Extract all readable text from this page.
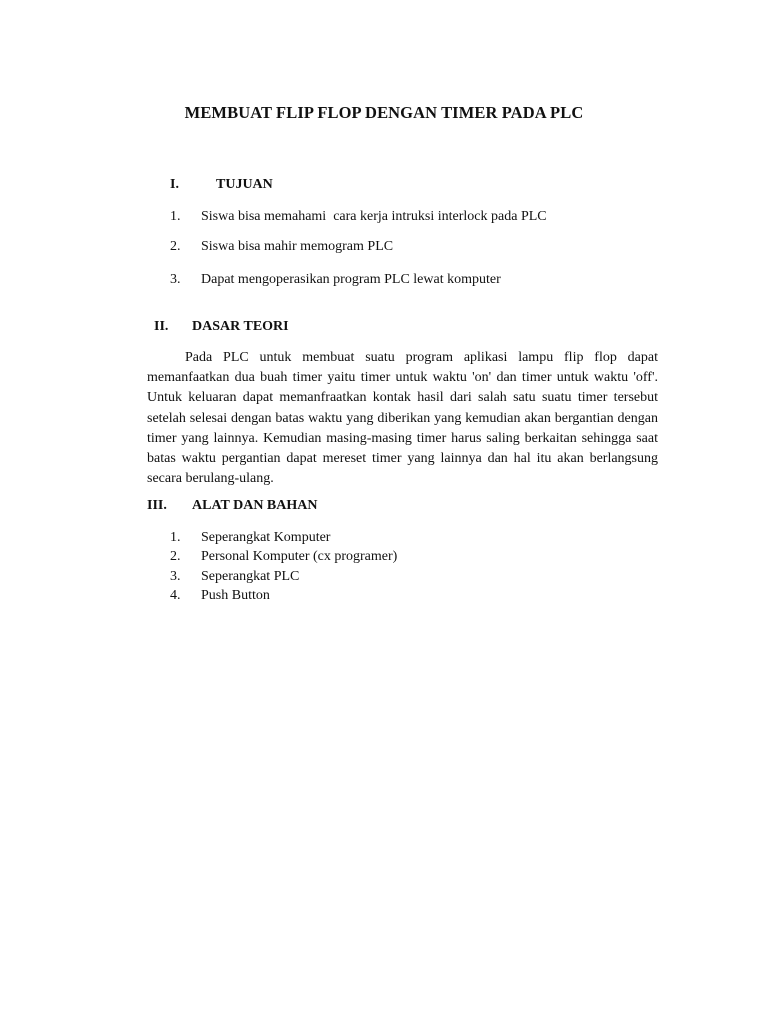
MEMBUAT FLIP FLOP DENGAN TIMER PADA PLC
I.	TUJUAN
1. Siswa bisa memahami  cara kerja intruksi interlock pada PLC
2. Siswa bisa mahir memogram PLC
3. Dapat mengoperasikan program PLC lewat komputer
II. DASAR TEORI

Pada PLC untuk membuat suatu program aplikasi lampu flip flop dapat memanfaatkan dua buah timer yaitu timer untuk waktu 'on' dan timer untuk waktu 'off'. Untuk keluaran dapat memanfraatkan kontak hasil dari salah satu suatu timer tersebut setelah selesai dengan batas waktu yang diberikan yang kemudian akan bergantian dengan timer yang lainnya. Kemudian masing-masing timer harus saling berkaitan sehingga saat batas waktu pergantian dapat mereset timer yang lainnya dan hal itu akan berlangsung secara berulang-ulang.

III. ALAT DAN BAHAN
1. Seperangkat Komputer
2. Personal Komputer (cx programer)
3. Seperangkat PLC
4. Push Button
